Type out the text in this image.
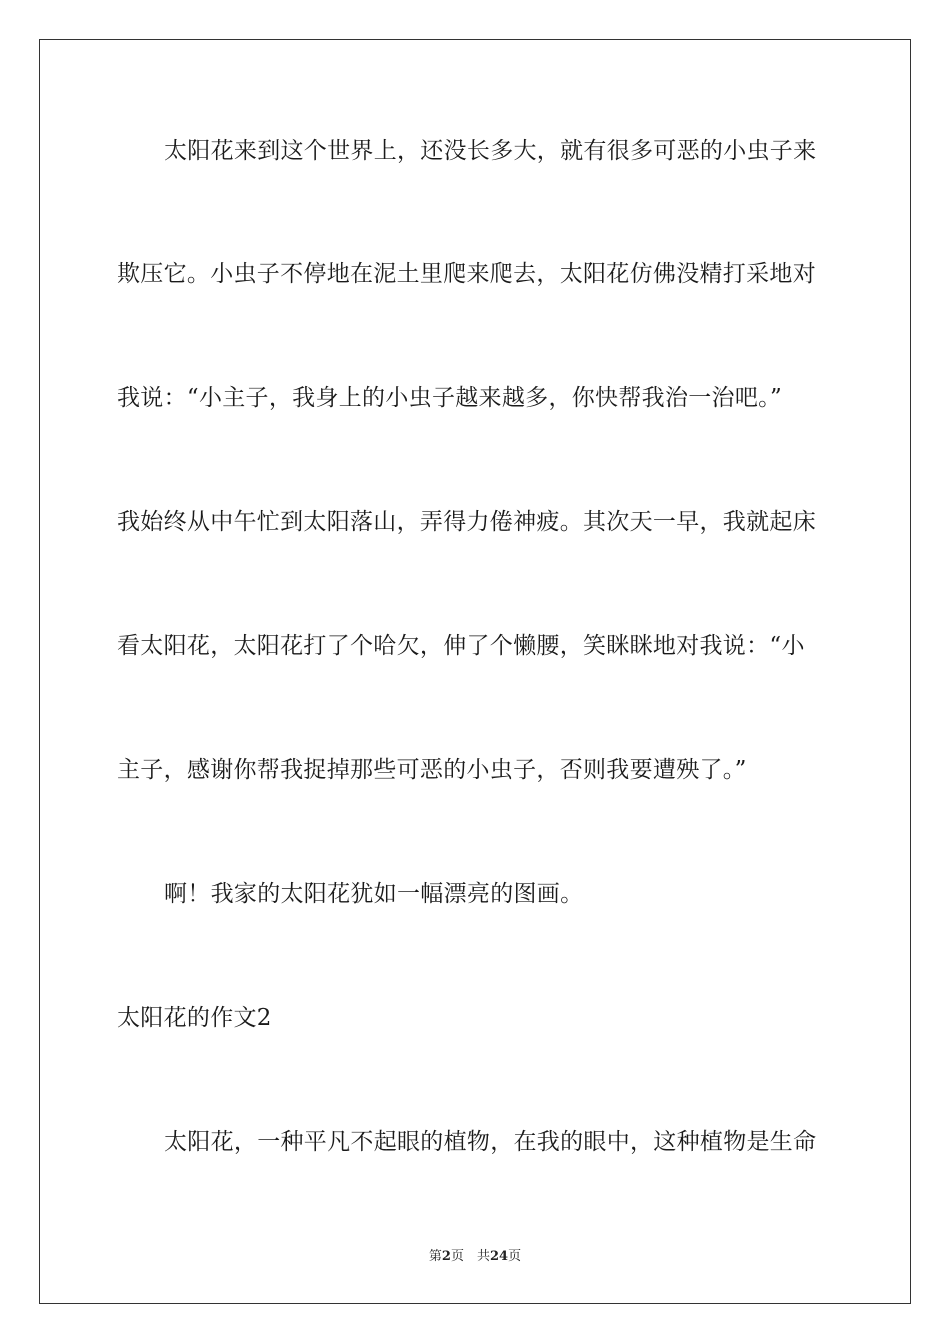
太阳花来到这个世界上，还没长多大，就有很多可恶的小虫子来
欺压它。小虫子不停地在泥土里爬来爬去，太阳花仿佛没精打采地对
我说：“小主子，我身上的小虫子越来越多，你快帮我治一治吧。”
我始终从中午忙到太阳落山，弄得力倦神疲。其次天一早，我就起床
看太阳花，太阳花打了个哈欠，伸了个懒腰，笑眯眯地对我说：“小
主子，感谢你帮我捉掉那些可恶的小虫子，否则我要遭殃了。”
啊！我家的太阳花犹如一幅漂亮的图画。
太阳花的作文2
太阳花，一种平凡不起眼的植物，在我的眼中，这种植物是生命
第2页　共24页
